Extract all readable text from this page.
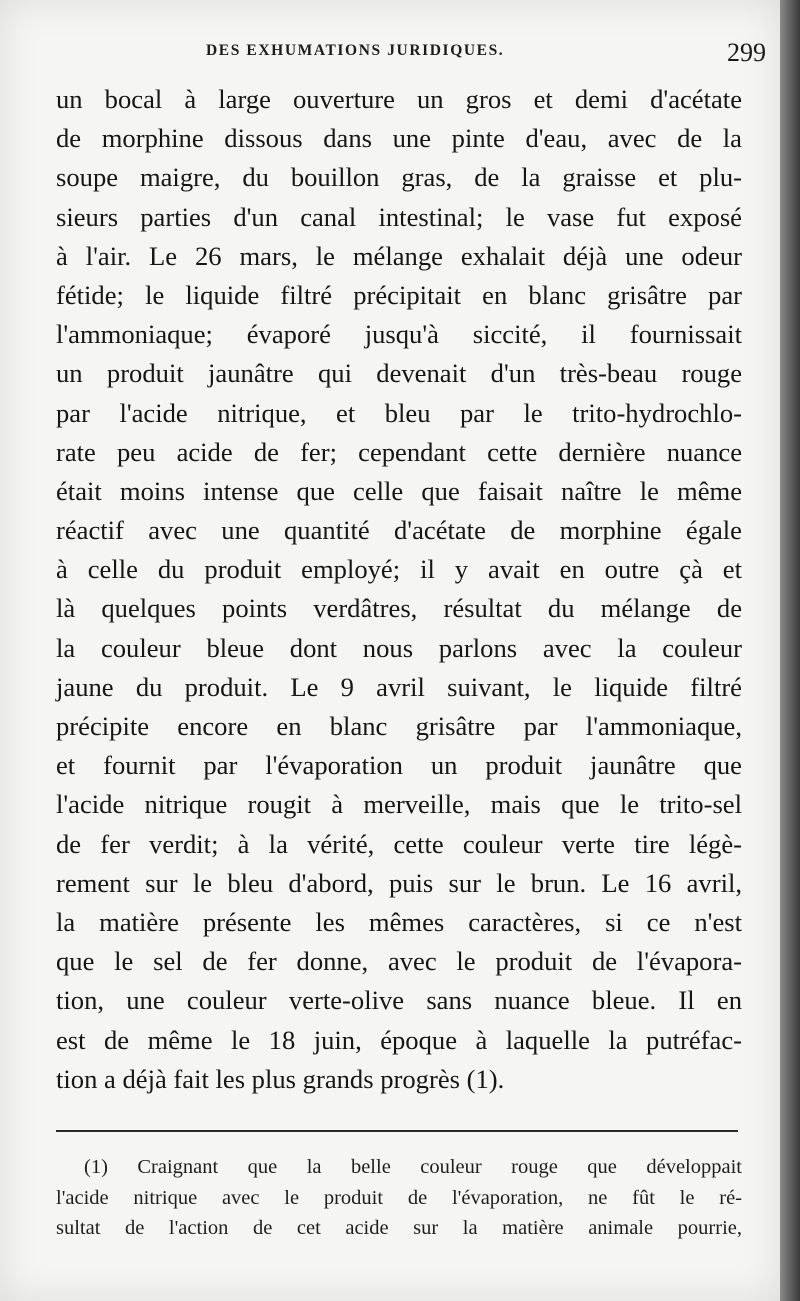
DES EXHUMATIONS JURIDIQUES.	299
un bocal à large ouverture un gros et demi d'acétate
de morphine dissous dans une pinte d'eau, avec de la
soupe maigre, du bouillon gras, de la graisse et plu-
sieurs parties d'un canal intestinal; le vase fut exposé
à l'air. Le 26 mars, le mélange exhalait déjà une odeur
fétide; le liquide filtré précipitait en blanc grisâtre par
l'ammoniaque; évaporé jusqu'à siccité, il fournissait
un produit jaunâtre qui devenait d'un très-beau rouge
par l'acide nitrique, et bleu par le trito-hydrochlo-
rate peu acide de fer; cependant cette dernière nuance
était moins intense que celle que faisait naître le même
réactif avec une quantité d'acétate de morphine égale
à celle du produit employé; il y avait en outre çà et
là quelques points verdâtres, résultat du mélange de
la couleur bleue dont nous parlons avec la couleur
jaune du produit. Le 9 avril suivant, le liquide filtré
précipite encore en blanc grisâtre par l'ammoniaque,
et fournit par l'évaporation un produit jaunâtre que
l'acide nitrique rougit à merveille, mais que le trito-sel
de fer verdit; à la vérité, cette couleur verte tire légè-
rement sur le bleu d'abord, puis sur le brun. Le 16 avril,
la matière présente les mêmes caractères, si ce n'est
que le sel de fer donne, avec le produit de l'évapora-
tion, une couleur verte-olive sans nuance bleue. Il en
est de même le 18 juin, époque à laquelle la putréfac-
tion a déjà fait les plus grands progrès (1).
(1) Craignant que la belle couleur rouge que développait
l'acide nitrique avec le produit de l'évaporation, ne fût le ré-
sultat de l'action de cet acide sur la matière animale pourrie,
